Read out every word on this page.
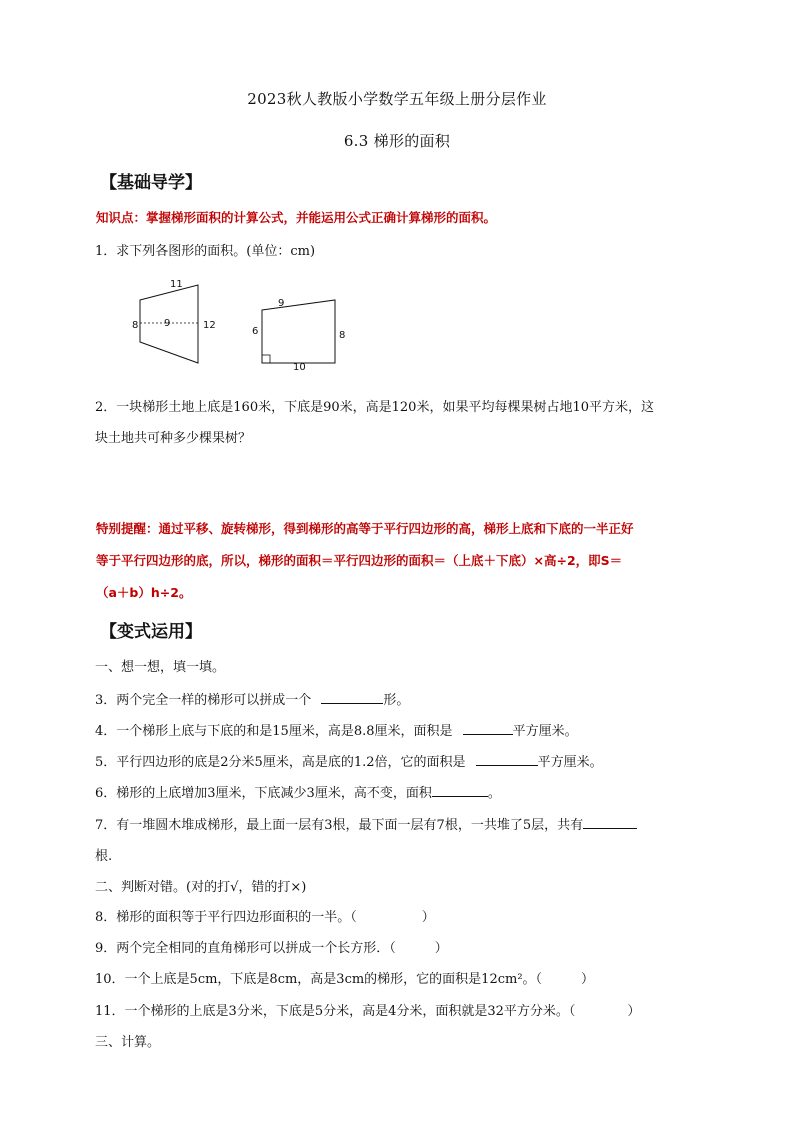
2023秋人教版小学数学五年级上册分层作业
6.3 梯形的面积
【基础导学】
知识点：掌握梯形面积的计算公式，并能运用公式正确计算梯形的面积。
1．求下列各图形的面积。(单位：cm)
11
8	9	12
9
6	8
10
2．一块梯形土地上底是160米，下底是90米，高是120米，如果平均每棵果树占地10平方米，这
块土地共可种多少棵果树？
特别提醒：通过平移、旋转梯形，得到梯形的高等于平行四边形的高，梯形上底和下底的一半正好
等于平行四边形的底，所以，梯形的面积＝平行四边形的面积＝（上底＋下底）×高÷2，即S＝
（a＋b）h÷2。
【变式运用】
一、想一想，填一填。
3．两个完全一样的梯形可以拼成一个	形。
4．一个梯形上底与下底的和是15厘米，高是8.8厘米，面积是	平方厘米。
5．平行四边形的底是2分米5厘米，高是底的1.2倍，它的面积是	平方厘米。
6．梯形的上底增加3厘米，下底减少3厘米，高不变，面积	。
7．有一堆圆木堆成梯形，最上面一层有3根，最下面一层有7根，一共堆了5层，共有
根.
二、判断对错。(对的打√，错的打×)
8．梯形的面积等于平行四边形面积的一半。（　　　　　）
9．两个完全相同的直角梯形可以拼成一个长方形．（　　　）
10．一个上底是5cm，下底是8cm，高是3cm的梯形，它的面积是12cm²。（　　　）
11．一个梯形的上底是3分米，下底是5分米，高是4分米，面积就是32平方分米。（　　　　）
三、计算。
